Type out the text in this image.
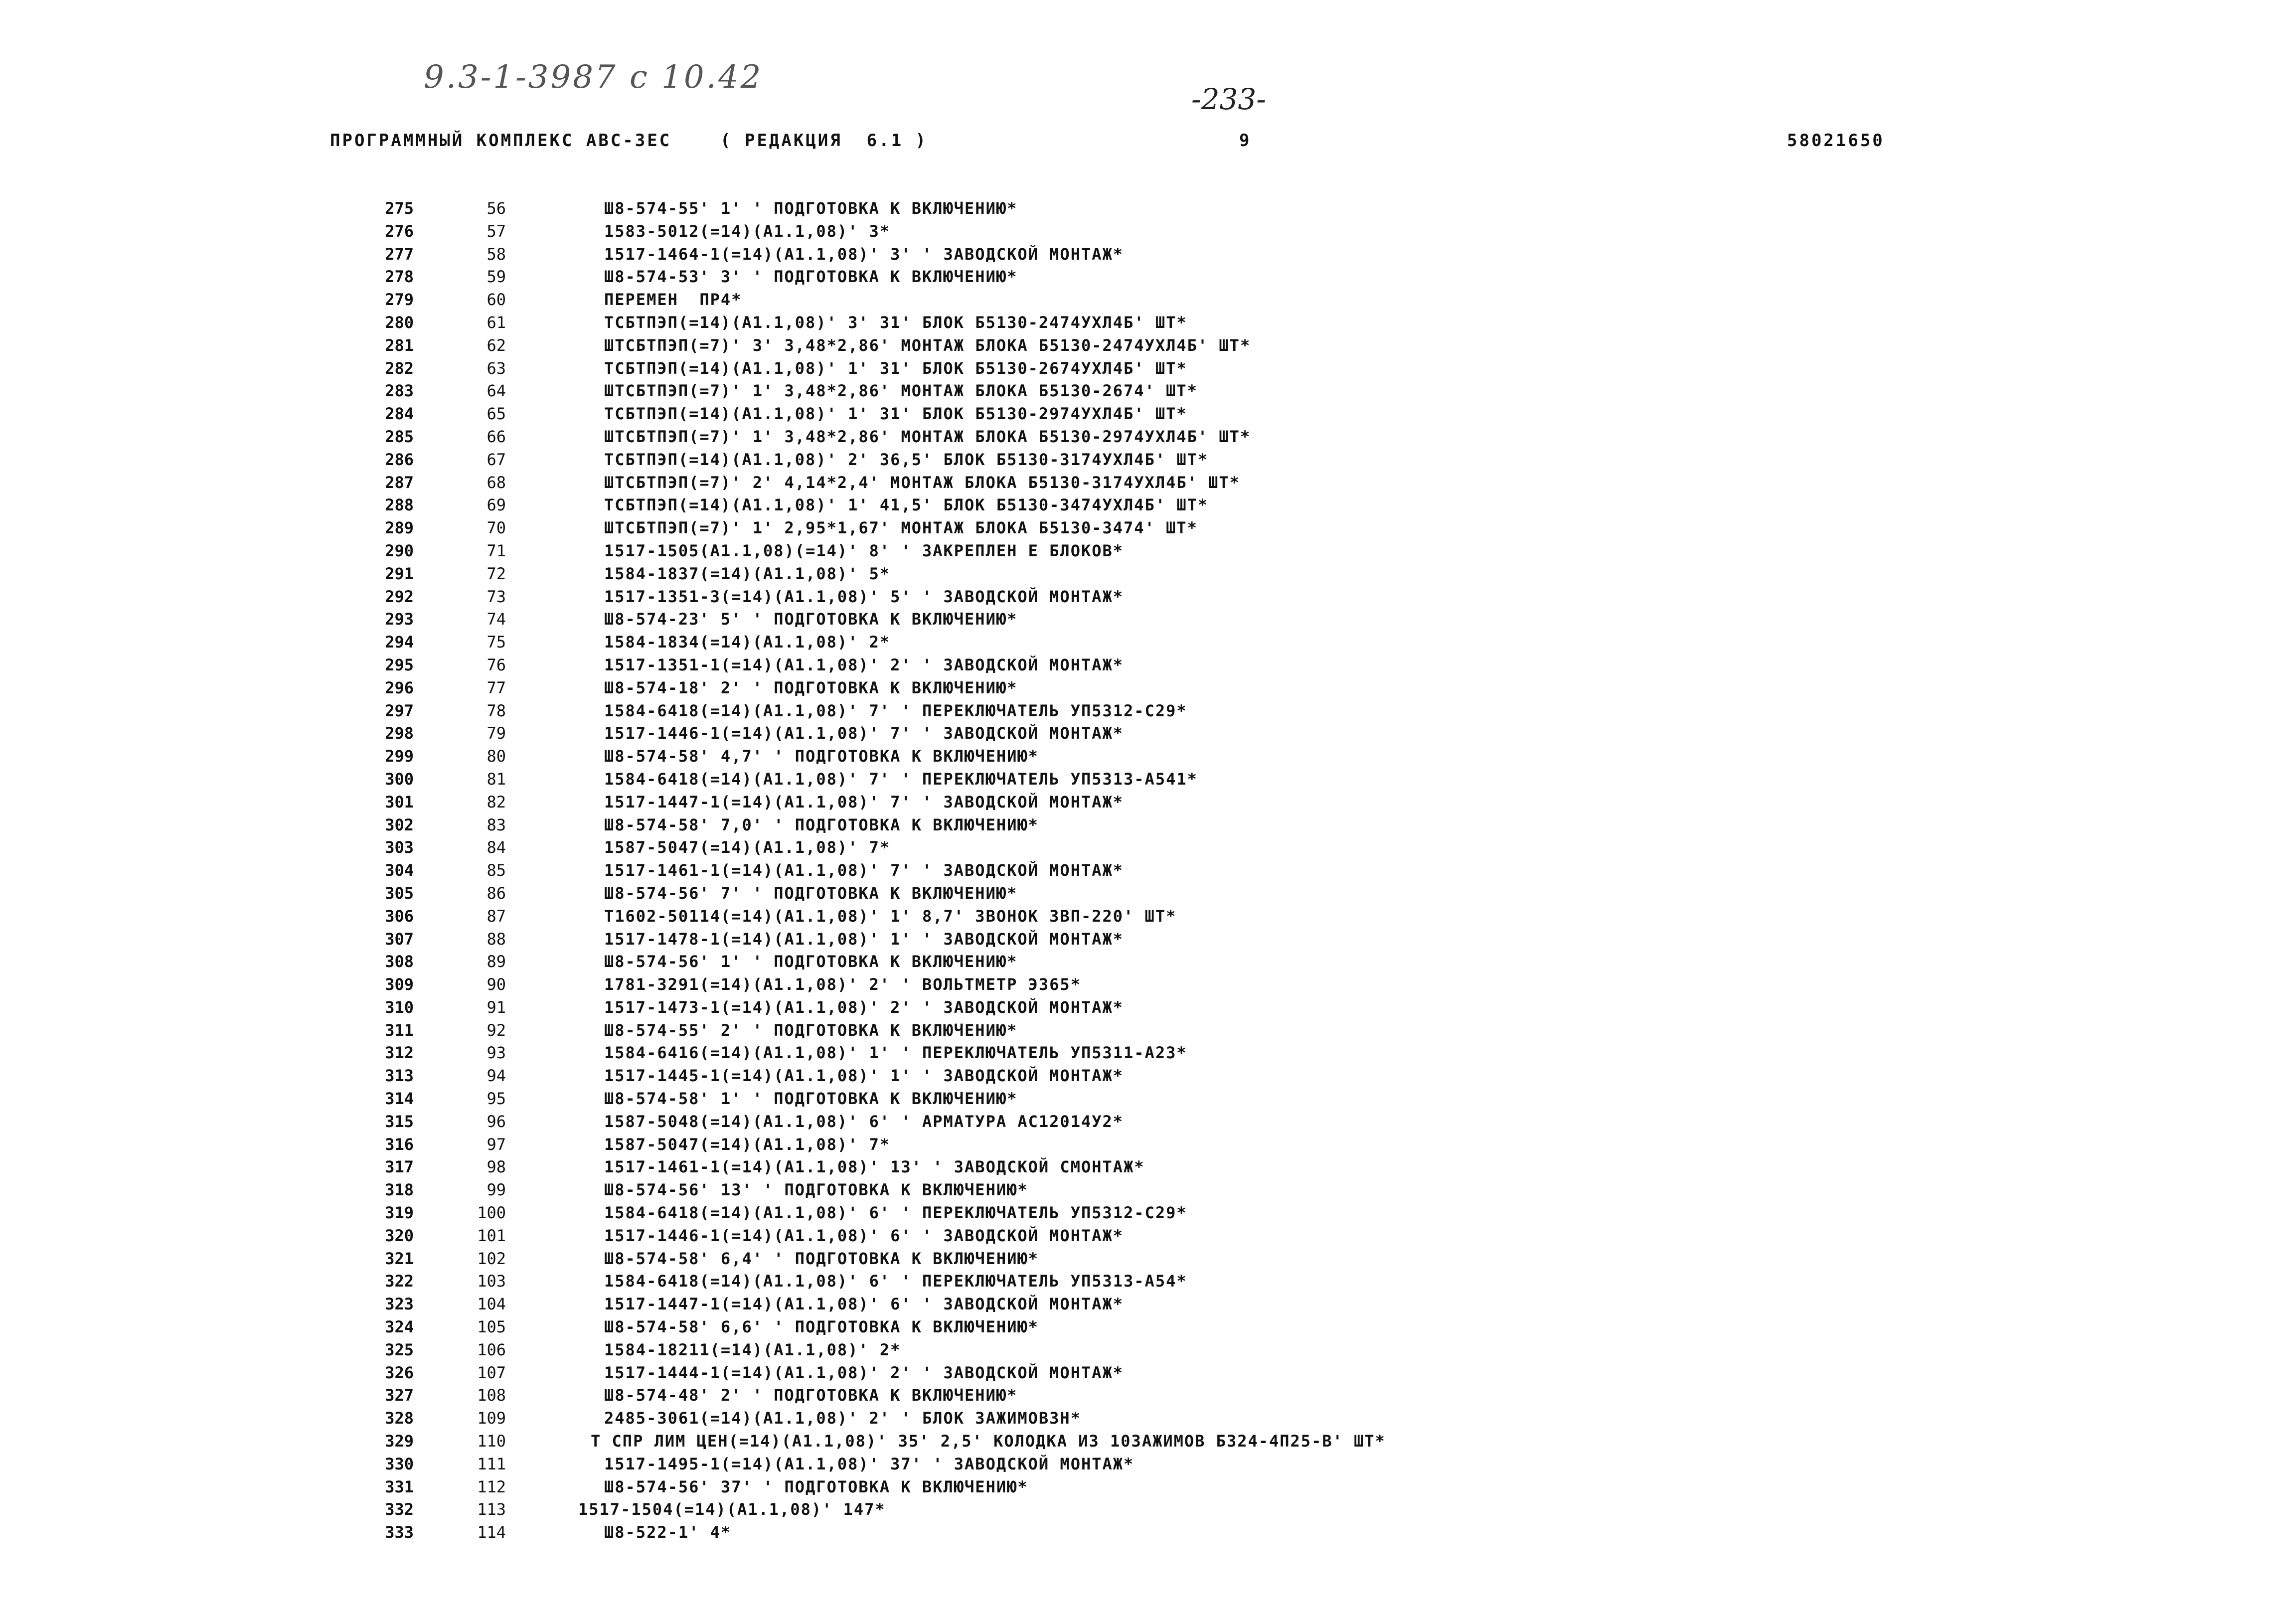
9.3-1-3987 с 10.42
-233-
ПРОГРАММНЫЙ КОМПЛЕКС АВС-3ЕС    ( РЕДАКЦИЯ  6.1 )	9	58021650
275	56	Ш8-574-55' 1' ' ПОДГОТОВКА К ВКЛЮЧЕНИЮ*
276	57	1583-5012(=14)(А1.1,08)' 3*
277	58	1517-1464-1(=14)(А1.1,08)' 3' ' ЗАВОДСКОЙ МОНТАЖ*
278	59	Ш8-574-53' 3' ' ПОДГОТОВКА К ВКЛЮЧЕНИЮ*
279	60	ПЕРЕМЕН  ПР4*
280	61	ТСБТПЭП(=14)(А1.1,08)' 3' 31' БЛОК Б5130-2474УХЛ4Б' ШТ*
281	62	ШТСБТПЭП(=7)' 3' 3,48*2,86' МОНТАЖ БЛОКА Б5130-2474УХЛ4Б' ШТ*
282	63	ТСБТПЭП(=14)(А1.1,08)' 1' 31' БЛОК Б5130-2674УХЛ4Б' ШТ*
283	64	ШТСБТПЭП(=7)' 1' 3,48*2,86' МОНТАЖ БЛОКА Б5130-2674' ШТ*
284	65	ТСБТПЭП(=14)(А1.1,08)' 1' 31' БЛОК Б5130-2974УХЛ4Б' ШТ*
285	66	ШТСБТПЭП(=7)' 1' 3,48*2,86' МОНТАЖ БЛОКА Б5130-2974УХЛ4Б' ШТ*
286	67	ТСБТПЭП(=14)(А1.1,08)' 2' 36,5' БЛОК Б5130-3174УХЛ4Б' ШТ*
287	68	ШТСБТПЭП(=7)' 2' 4,14*2,4' МОНТАЖ БЛОКА Б5130-3174УХЛ4Б' ШТ*
288	69	ТСБТПЭП(=14)(А1.1,08)' 1' 41,5' БЛОК Б5130-3474УХЛ4Б' ШТ*
289	70	ШТСБТПЭП(=7)' 1' 2,95*1,67' МОНТАЖ БЛОКА Б5130-3474' ШТ*
290	71	1517-1505(А1.1,08)(=14)' 8' ' ЗАКРЕПЛЕН Е БЛОКОВ*
291	72	1584-1837(=14)(А1.1,08)' 5*
292	73	1517-1351-3(=14)(А1.1,08)' 5' ' ЗАВОДСКОЙ МОНТАЖ*
293	74	Ш8-574-23' 5' ' ПОДГОТОВКА К ВКЛЮЧЕНИЮ*
294	75	1584-1834(=14)(А1.1,08)' 2*
295	76	1517-1351-1(=14)(А1.1,08)' 2' ' ЗАВОДСКОЙ МОНТАЖ*
296	77	Ш8-574-18' 2' ' ПОДГОТОВКА К ВКЛЮЧЕНИЮ*
297	78	1584-6418(=14)(А1.1,08)' 7' ' ПЕРЕКЛЮЧАТЕЛЬ УП5312-С29*
298	79	1517-1446-1(=14)(А1.1,08)' 7' ' ЗАВОДСКОЙ МОНТАЖ*
299	80	Ш8-574-58' 4,7' ' ПОДГОТОВКА К ВКЛЮЧЕНИЮ*
300	81	1584-6418(=14)(А1.1,08)' 7' ' ПЕРЕКЛЮЧАТЕЛЬ УП5313-А541*
301	82	1517-1447-1(=14)(А1.1,08)' 7' ' ЗАВОДСКОЙ МОНТАЖ*
302	83	Ш8-574-58' 7,0' ' ПОДГОТОВКА К ВКЛЮЧЕНИЮ*
303	84	1587-5047(=14)(А1.1,08)' 7*
304	85	1517-1461-1(=14)(А1.1,08)' 7' ' ЗАВОДСКОЙ МОНТАЖ*
305	86	Ш8-574-56' 7' ' ПОДГОТОВКА К ВКЛЮЧЕНИЮ*
306	87	Т1602-50114(=14)(А1.1,08)' 1' 8,7' ЗВОНОК ЗВП-220' ШТ*
307	88	1517-1478-1(=14)(А1.1,08)' 1' ' ЗАВОДСКОЙ МОНТАЖ*
308	89	Ш8-574-56' 1' ' ПОДГОТОВКА К ВКЛЮЧЕНИЮ*
309	90	1781-3291(=14)(А1.1,08)' 2' ' ВОЛЬТМЕТР Э365*
310	91	1517-1473-1(=14)(А1.1,08)' 2' ' ЗАВОДСКОЙ МОНТАЖ*
311	92	Ш8-574-55' 2' ' ПОДГОТОВКА К ВКЛЮЧЕНИЮ*
312	93	1584-6416(=14)(А1.1,08)' 1' ' ПЕРЕКЛЮЧАТЕЛЬ УП5311-А23*
313	94	1517-1445-1(=14)(А1.1,08)' 1' ' ЗАВОДСКОЙ МОНТАЖ*
314	95	Ш8-574-58' 1' ' ПОДГОТОВКА К ВКЛЮЧЕНИЮ*
315	96	1587-5048(=14)(А1.1,08)' 6' ' АРМАТУРА АС12014У2*
316	97	1587-5047(=14)(А1.1,08)' 7*
317	98	1517-1461-1(=14)(А1.1,08)' 13' ' ЗАВОДСКОЙ СМОНТАЖ*
318	99	Ш8-574-56' 13' ' ПОДГОТОВКА К ВКЛЮЧЕНИЮ*
319	100	1584-6418(=14)(А1.1,08)' 6' ' ПЕРЕКЛЮЧАТЕЛЬ УП5312-С29*
320	101	1517-1446-1(=14)(А1.1,08)' 6' ' ЗАВОДСКОЙ МОНТАЖ*
321	102	Ш8-574-58' 6,4' ' ПОДГОТОВКА К ВКЛЮЧЕНИЮ*
322	103	1584-6418(=14)(А1.1,08)' 6' ' ПЕРЕКЛЮЧАТЕЛЬ УП5313-А54*
323	104	1517-1447-1(=14)(А1.1,08)' 6' ' ЗАВОДСКОЙ МОНТАЖ*
324	105	Ш8-574-58' 6,6' ' ПОДГОТОВКА К ВКЛЮЧЕНИЮ*
325	106	1584-18211(=14)(А1.1,08)' 2*
326	107	1517-1444-1(=14)(А1.1,08)' 2' ' ЗАВОДСКОЙ МОНТАЖ*
327	108	Ш8-574-48' 2' ' ПОДГОТОВКА К ВКЛЮЧЕНИЮ*
328	109	2485-3061(=14)(А1.1,08)' 2' ' БЛОК ЗАЖИМОВ3Н*
329	110	Т СПР ЛИМ ЦЕН(=14)(А1.1,08)' 35' 2,5' КОЛОДКА ИЗ 10ЗАЖИМОВ Б324-4П25-В' ШТ*
330	111	1517-1495-1(=14)(А1.1,08)' 37' ' ЗАВОДСКОЙ МОНТАЖ*
331	112	Ш8-574-56' 37' ' ПОДГОТОВКА К ВКЛЮЧЕНИЮ*
332	113	1517-1504(=14)(А1.1,08)' 147*
333	114	Ш8-522-1' 4*
